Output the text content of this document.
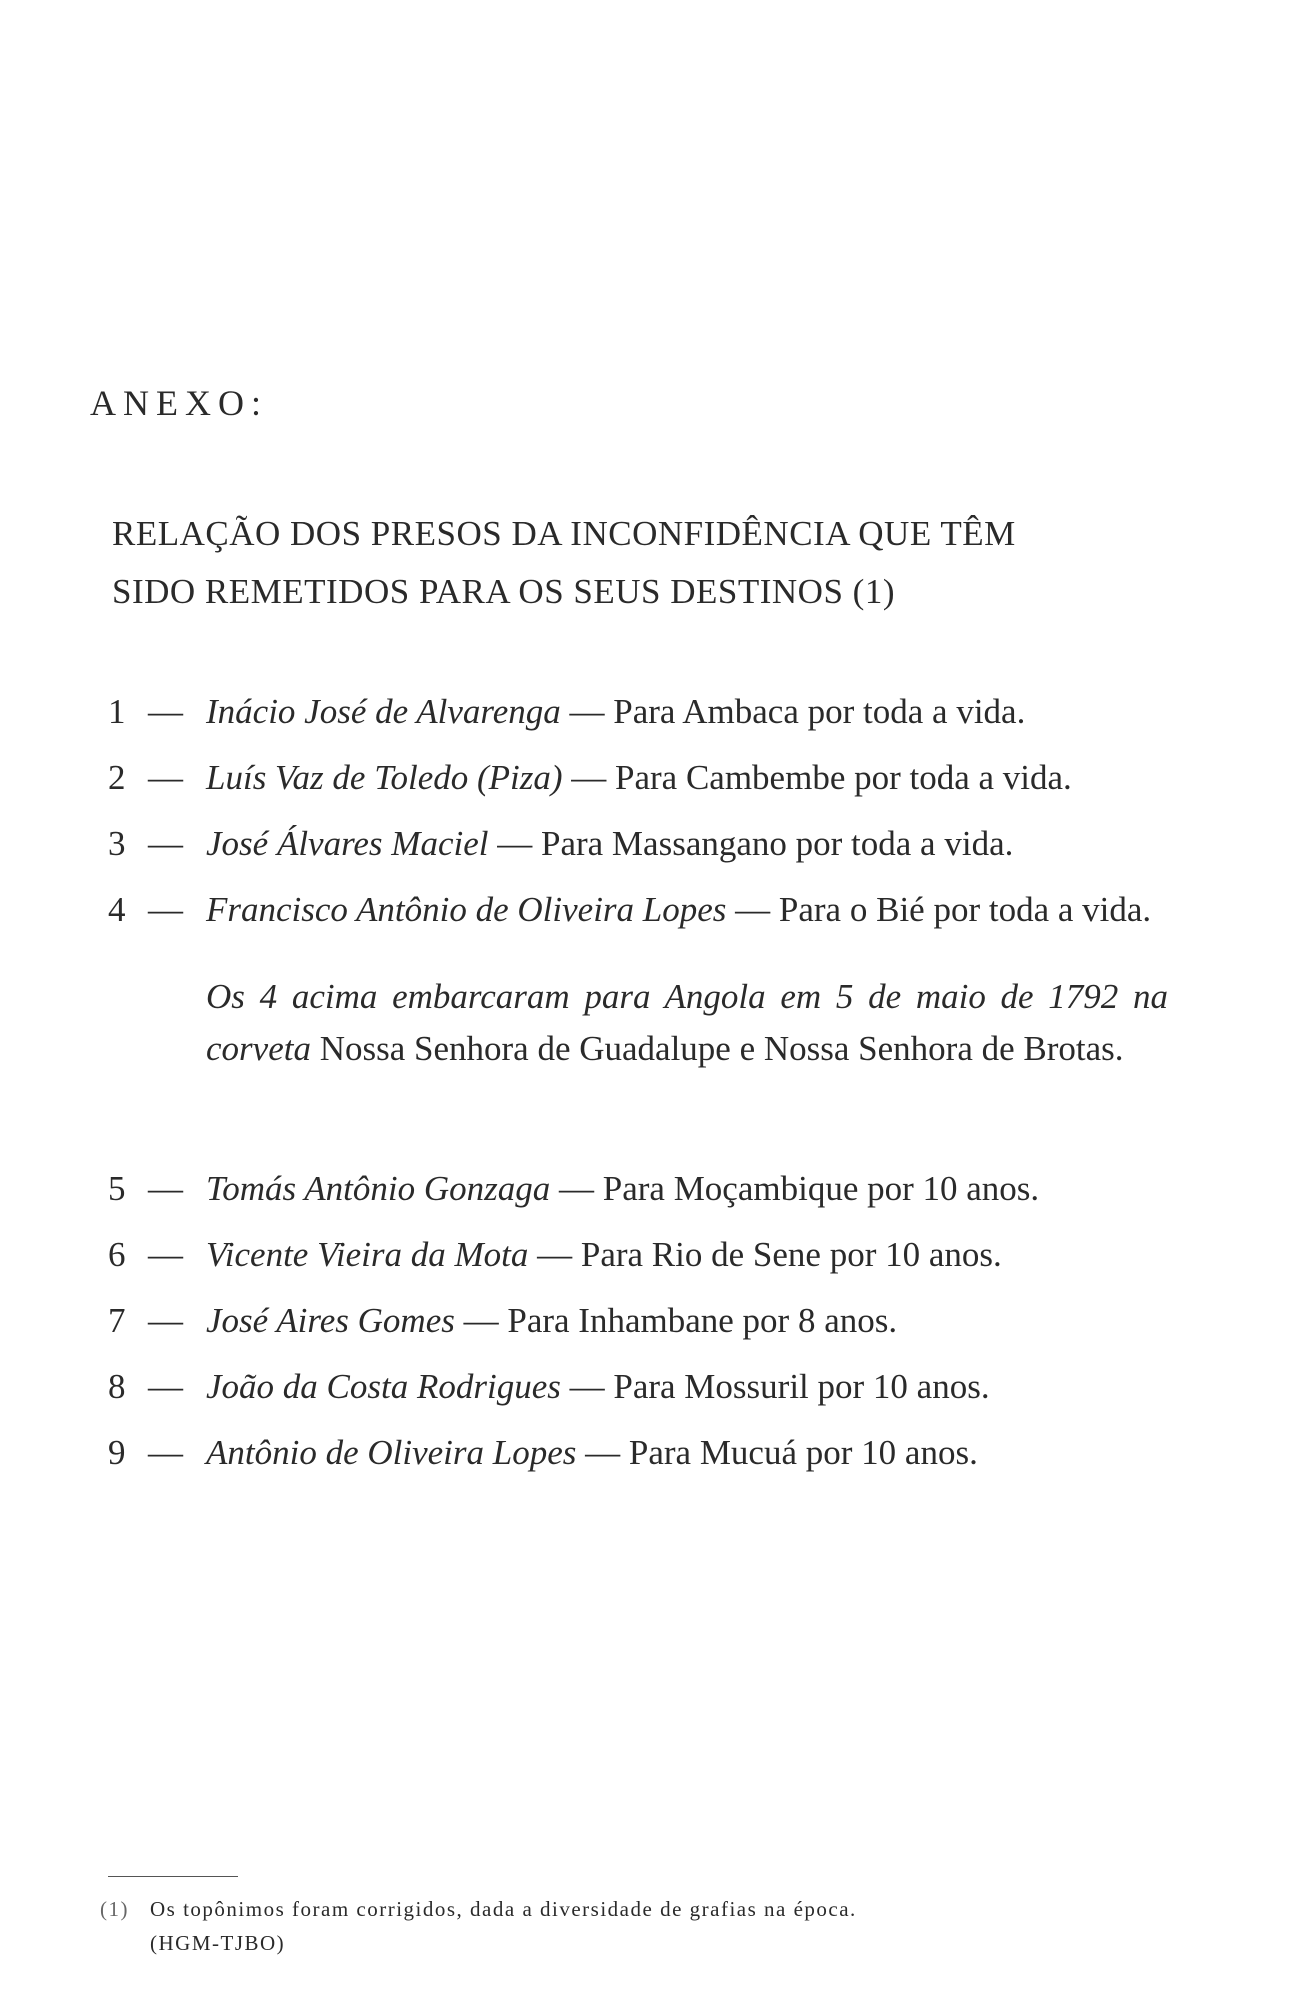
ANEXO:
RELAÇÃO DOS PRESOS DA INCONFIDÊNCIA QUE TÊM
SIDO REMETIDOS PARA OS SEUS DESTINOS (1)
1 — Inácio José de Alvarenga — Para Ambaca por toda a vida.
2 — Luís Vaz de Toledo (Piza) — Para Cambembe por toda a vida.
3 — José Álvares Maciel — Para Massangano por toda a vida.
4 — Francisco Antônio de Oliveira Lopes — Para o Bié por toda a vida.
Os 4 acima embarcaram para Angola em 5 de maio de 1792 na corveta Nossa Senhora de Guadalupe e Nossa Senhora de Brotas.
5 — Tomás Antônio Gonzaga — Para Moçambique por 10 anos.
6 — Vicente Vieira da Mota — Para Rio de Sene por 10 anos.
7 — José Aires Gomes — Para Inhambane por 8 anos.
8 — João da Costa Rodrigues — Para Mossuril por 10 anos.
9 — Antônio de Oliveira Lopes — Para Mucuá por 10 anos.
(1) Os topônimos foram corrigidos, dada a diversidade de grafias na época.
(HGM-TJBO)
